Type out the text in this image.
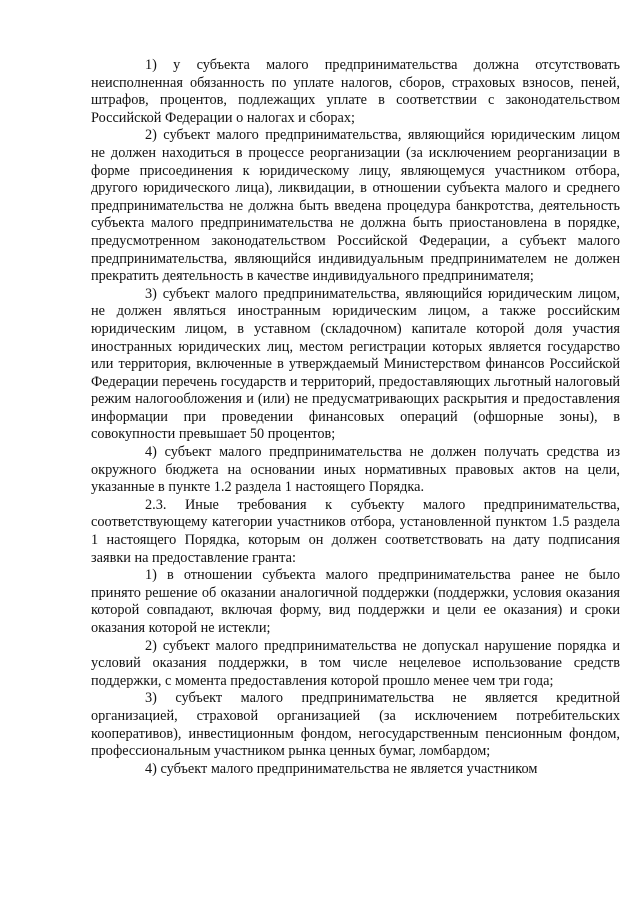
1) у субъекта малого предпринимательства должна отсутствовать неисполненная обязанность по уплате налогов, сборов, страховых взносов, пеней, штрафов, процентов, подлежащих уплате в соответствии с законодательством Российской Федерации о налогах и сборах;

2) субъект малого предпринимательства, являющийся юридическим лицом не должен находиться в процессе реорганизации (за исключением реорганизации в форме присоединения к юридическому лицу, являющемуся участником отбора, другого юридического лица), ликвидации, в отношении субъекта малого и среднего предпринимательства не должна быть введена процедура банкротства, деятельность субъекта малого предпринимательства не должна быть приостановлена в порядке, предусмотренном законодательством Российской Федерации, а субъект малого предпринимательства, являющийся индивидуальным предпринимателем не должен прекратить деятельность в качестве индивидуального предпринимателя;

3) субъект малого предпринимательства, являющийся юридическим лицом, не должен являться иностранным юридическим лицом, а также российским юридическим лицом, в уставном (складочном) капитале которой доля участия иностранных юридических лиц, местом регистрации которых является государство или территория, включенные в утверждаемый Министерством финансов Российской Федерации перечень государств и территорий, предоставляющих льготный налоговый режим налогообложения и (или) не предусматривающих раскрытия и предоставления информации при проведении финансовых операций (офшорные зоны), в совокупности превышает 50 процентов;

4) субъект малого предпринимательства не должен получать средства из окружного бюджета на основании иных нормативных правовых актов на цели, указанные в пункте 1.2 раздела 1 настоящего Порядка.

2.3. Иные требования к субъекту малого предпринимательства, соответствующему категории участников отбора, установленной пунктом 1.5 раздела 1 настоящего Порядка, которым он должен соответствовать на дату подписания заявки на предоставление гранта:

1) в отношении субъекта малого предпринимательства ранее не было принято решение об оказании аналогичной поддержки (поддержки, условия оказания которой совпадают, включая форму, вид поддержки и цели ее оказания) и сроки оказания которой не истекли;

2) субъект малого предпринимательства не допускал нарушение порядка и условий оказания поддержки, в том числе нецелевое использование средств поддержки, с момента предоставления которой прошло менее чем три года;

3) субъект малого предпринимательства не является кредитной организацией, страховой организацией (за исключением потребительских кооперативов), инвестиционным фондом, негосударственным пенсионным фондом, профессиональным участником рынка ценных бумаг, ломбардом;

4) субъект малого предпринимательства не является участником
